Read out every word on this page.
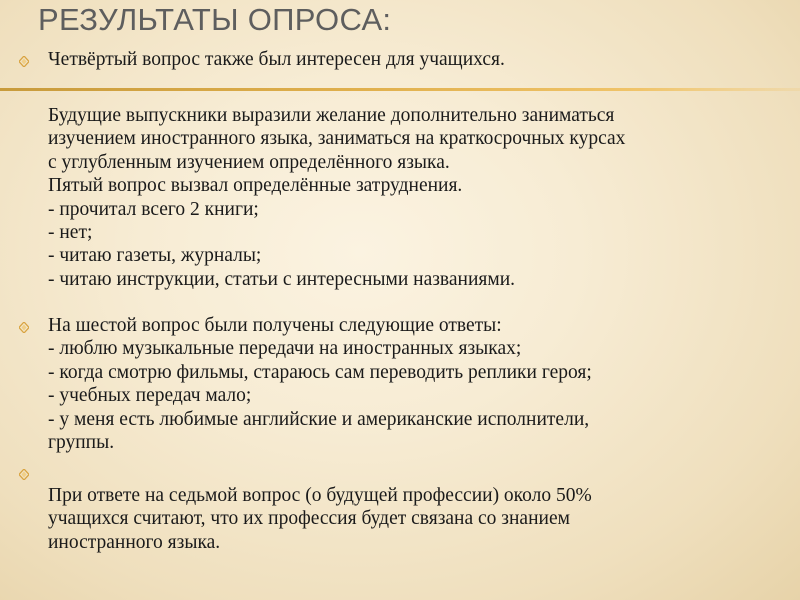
РЕЗУЛЬТАТЫ ОПРОСА:
Четвёртый вопрос также был интересен для учащихся.
Будущие выпускники выразили желание дополнительно заниматься
изучением иностранного языка, заниматься на краткосрочных курсах
с углубленным изучением определённого языка.
Пятый вопрос вызвал определённые затруднения.
- прочитал всего 2 книги;
- нет;
- читаю газеты, журналы;
- читаю инструкции, статьи с интересными названиями.
На шестой вопрос были получены следующие ответы:
- люблю музыкальные передачи на иностранных языках;
- когда смотрю фильмы, стараюсь сам переводить реплики героя;
- учебных передач мало;
- у меня есть любимые английские и американские исполнители,
группы.
При ответе на седьмой вопрос (о будущей профессии) около 50%
учащихся считают, что их профессия будет связана со знанием
иностранного языка.
